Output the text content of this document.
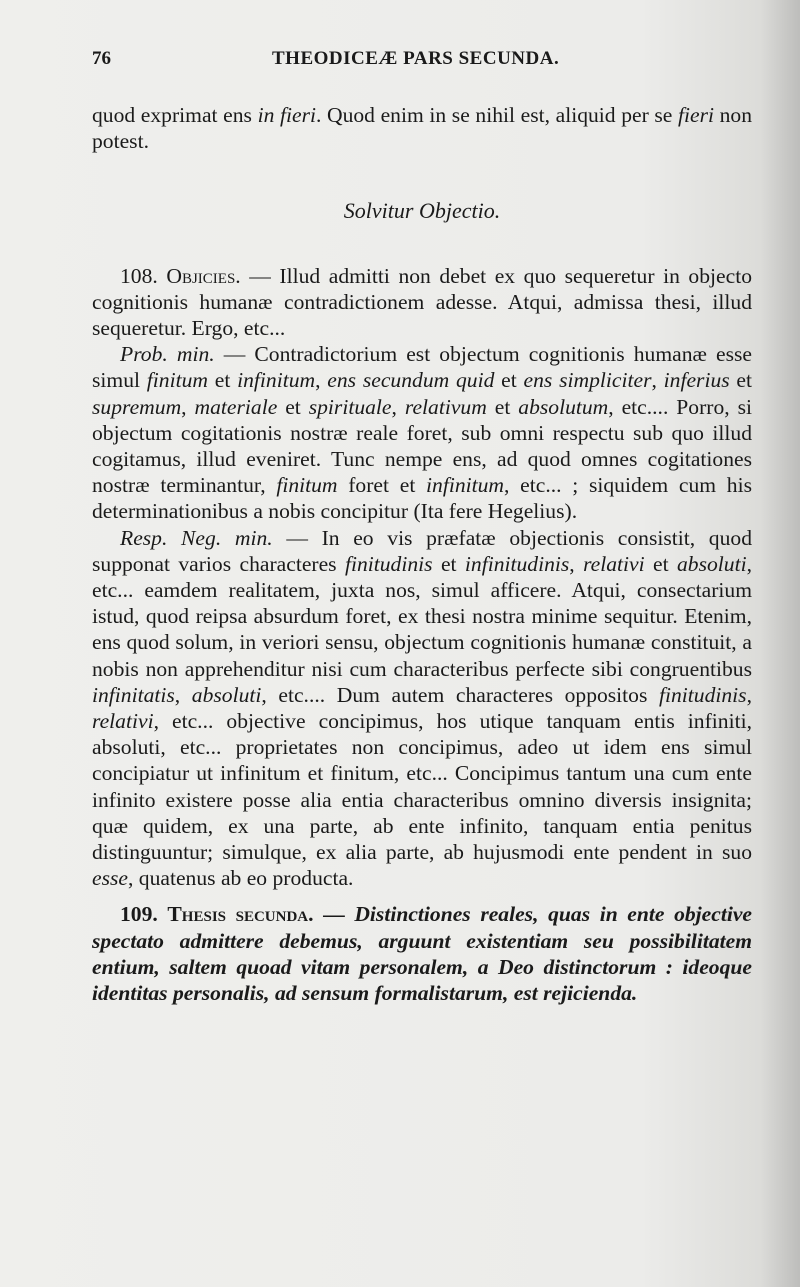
76	THEODICEÆ PARS SECUNDA.

quod exprimat ens in fieri. Quod enim in se nihil est, aliquid per se fieri non potest.

Solvitur Objectio.

108. Objicies. — Illud admitti non debet ex quo sequeretur in objecto cognitionis humanæ contradictionem adesse. Atqui, admissa thesi, illud sequeretur. Ergo, etc...

Prob. min. — Contradictorium est objectum cognitionis humanæ esse simul finitum et infinitum, ens secundum quid et ens simpliciter, inferius et supremum, materiale et spirituale, relativum et absolutum, etc.... Porro, si objectum cogitationis nostræ reale foret, sub omni respectu sub quo illud cogitamus, illud eveniret. Tunc nempe ens, ad quod omnes cogitationes nostræ terminantur, finitum foret et infinitum, etc... ; siquidem cum his determinationibus a nobis concipitur (Ita fere Hegelius).

Resp. Neg. min. — In eo vis præfatæ objectionis consistit, quod supponat varios characteres finitudinis et infinitudinis, relativi et absoluti, etc... eamdem realitatem, juxta nos, simul afficere. Atqui, consectarium istud, quod reipsa absurdum foret, ex thesi nostra minime sequitur. Etenim, ens quod solum, in veriori sensu, objectum cognitionis humanæ constituit, a nobis non apprehenditur nisi cum characteribus perfecte sibi congruentibus infinitatis, absoluti, etc.... Dum autem characteres oppositos finitudinis, relativi, etc... objective concipimus, hos utique tanquam entis infiniti, absoluti, etc... proprietates non concipimus, adeo ut idem ens simul concipiatur ut infinitum et finitum, etc... Concipimus tantum una cum ente infinito existere posse alia entia characteribus omnino diversis insignita; quæ quidem, ex una parte, ab ente infinito, tanquam entia penitus distinguuntur; simulque, ex alia parte, ab hujusmodi ente pendent in suo esse, quatenus ab eo producta.

109. Thesis secunda. — Distinctiones reales, quas in ente objective spectato admittere debemus, arguunt existentiam seu possibilitatem entium, saltem quoad vitam personalem, a Deo distinctorum : ideoque identitas personalis, ad sensum formalistarum, est rejicienda.
